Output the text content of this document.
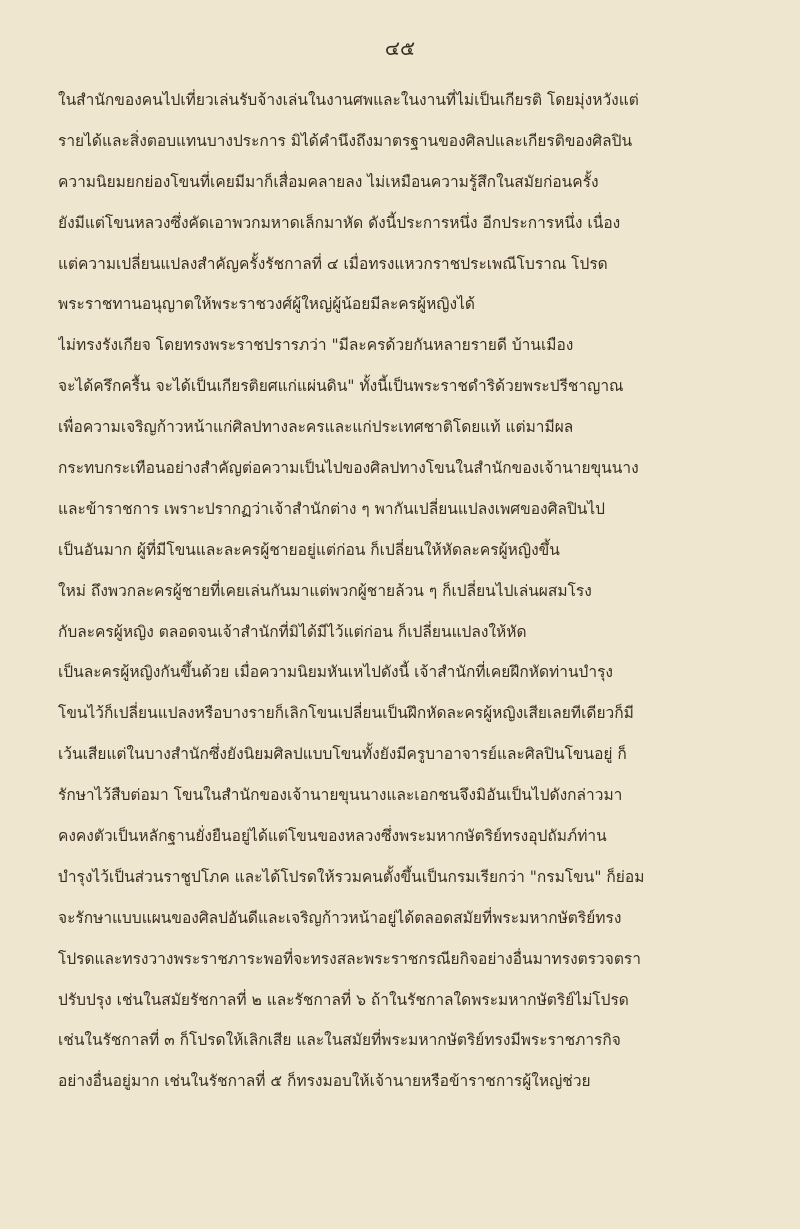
๔๕
ในสำนักของคนไปเที่ยวเล่นรับจ้างเล่นในงานศพและในงานที่ไม่เป็นเกียรติ โดยมุ่งหวังแต่
รายได้และสิ่งตอบแทนบางประการ มิได้คำนึงถึงมาตรฐานของศิลปและเกียรติของศิลปิน
ความนิยมยกย่องโขนที่เคยมีมาก็เสื่อมคลายลง ไม่เหมือนความรู้สึกในสมัยก่อนครั้ง
ยังมีแต่โขนหลวงซึ่งคัดเอาพวกมหาดเล็กมาหัด ดังนี้ประการหนึ่ง อีกประการหนึ่ง เนื่อง
แต่ความเปลี่ยนแปลงสำคัญครั้งรัชกาลที่ ๔ เมื่อทรงแหวกราชประเพณีโบราณ โปรด
พระราชทานอนุญาตให้พระราชวงศ์ผู้ใหญ่ผู้น้อยมีละครผู้หญิงได้
ไม่ทรงรังเกียจ โดยทรงพระราชปรารภว่า "มีละครด้วยกันหลายรายดี บ้านเมือง
จะได้ครึกครื้น จะได้เป็นเกียรติยศแก่แผ่นดิน" ทั้งนี้เป็นพระราชดำริด้วยพระปรีชาญาณ
เพื่อความเจริญก้าวหน้าแก่ศิลปทางละครและแก่ประเทศชาติโดยแท้ แต่มามีผล
กระทบกระเทือนอย่างสำคัญต่อความเป็นไปของศิลปทางโขนในสำนักของเจ้านายขุนนาง
และข้าราชการ เพราะปรากฏว่าเจ้าสำนักต่าง ๆ พากันเปลี่ยนแปลงเพศของศิลปินไป
เป็นอันมาก ผู้ที่มีโขนและละครผู้ชายอยู่แต่ก่อน ก็เปลี่ยนให้หัดละครผู้หญิงขึ้น
ใหม่ ถึงพวกละครผู้ชายที่เคยเล่นกันมาแต่พวกผู้ชายล้วน ๆ ก็เปลี่ยนไปเล่นผสมโรง
กับละครผู้หญิง ตลอดจนเจ้าสำนักที่มิได้มีไว้แต่ก่อน ก็เปลี่ยนแปลงให้หัด
เป็นละครผู้หญิงกันขึ้นด้วย เมื่อความนิยมหันเหไปดังนี้ เจ้าสำนักที่เคยฝึกหัดท่านบำรุง
โขนไว้ก็เปลี่ยนแปลงหรือบางรายก็เลิกโขนเปลี่ยนเป็นฝึกหัดละครผู้หญิงเสียเลยทีเดียวก็มี
เว้นเสียแต่ในบางสำนักซึ่งยังนิยมศิลปแบบโขนทั้งยังมีครูบาอาจารย์และศิลปินโขนอยู่ ก็
รักษาไว้สืบต่อมา โขนในสำนักของเจ้านายขุนนางและเอกชนจึงมิอันเป็นไปดังกล่าวมา
คงคงตัวเป็นหลักฐานยั่งยืนอยู่ได้แต่โขนของหลวงซึ่งพระมหากษัตริย์ทรงอุปถัมภ์ท่าน
บำรุงไว้เป็นส่วนราชูปโภค และได้โปรดให้รวมคนตั้งขึ้นเป็นกรมเรียกว่า "กรมโขน" ก็ย่อม
จะรักษาแบบแผนของศิลปอันดีและเจริญก้าวหน้าอยู่ได้ตลอดสมัยที่พระมหากษัตริย์ทรง
โปรดและทรงวางพระราชภาระพอที่จะทรงสละพระราชกรณียกิจอย่างอื่นมาทรงตรวจตรา
ปรับปรุง เช่นในสมัยรัชกาลที่ ๒ และรัชกาลที่ ๖ ถ้าในรัชกาลใดพระมหากษัตริย์ไม่โปรด
เช่นในรัชกาลที่ ๓ ก็โปรดให้เลิกเสีย และในสมัยที่พระมหากษัตริย์ทรงมีพระราชภารกิจ
อย่างอื่นอยู่มาก เช่นในรัชกาลที่ ๕ ก็ทรงมอบให้เจ้านายหรือข้าราชการผู้ใหญ่ช่วย
